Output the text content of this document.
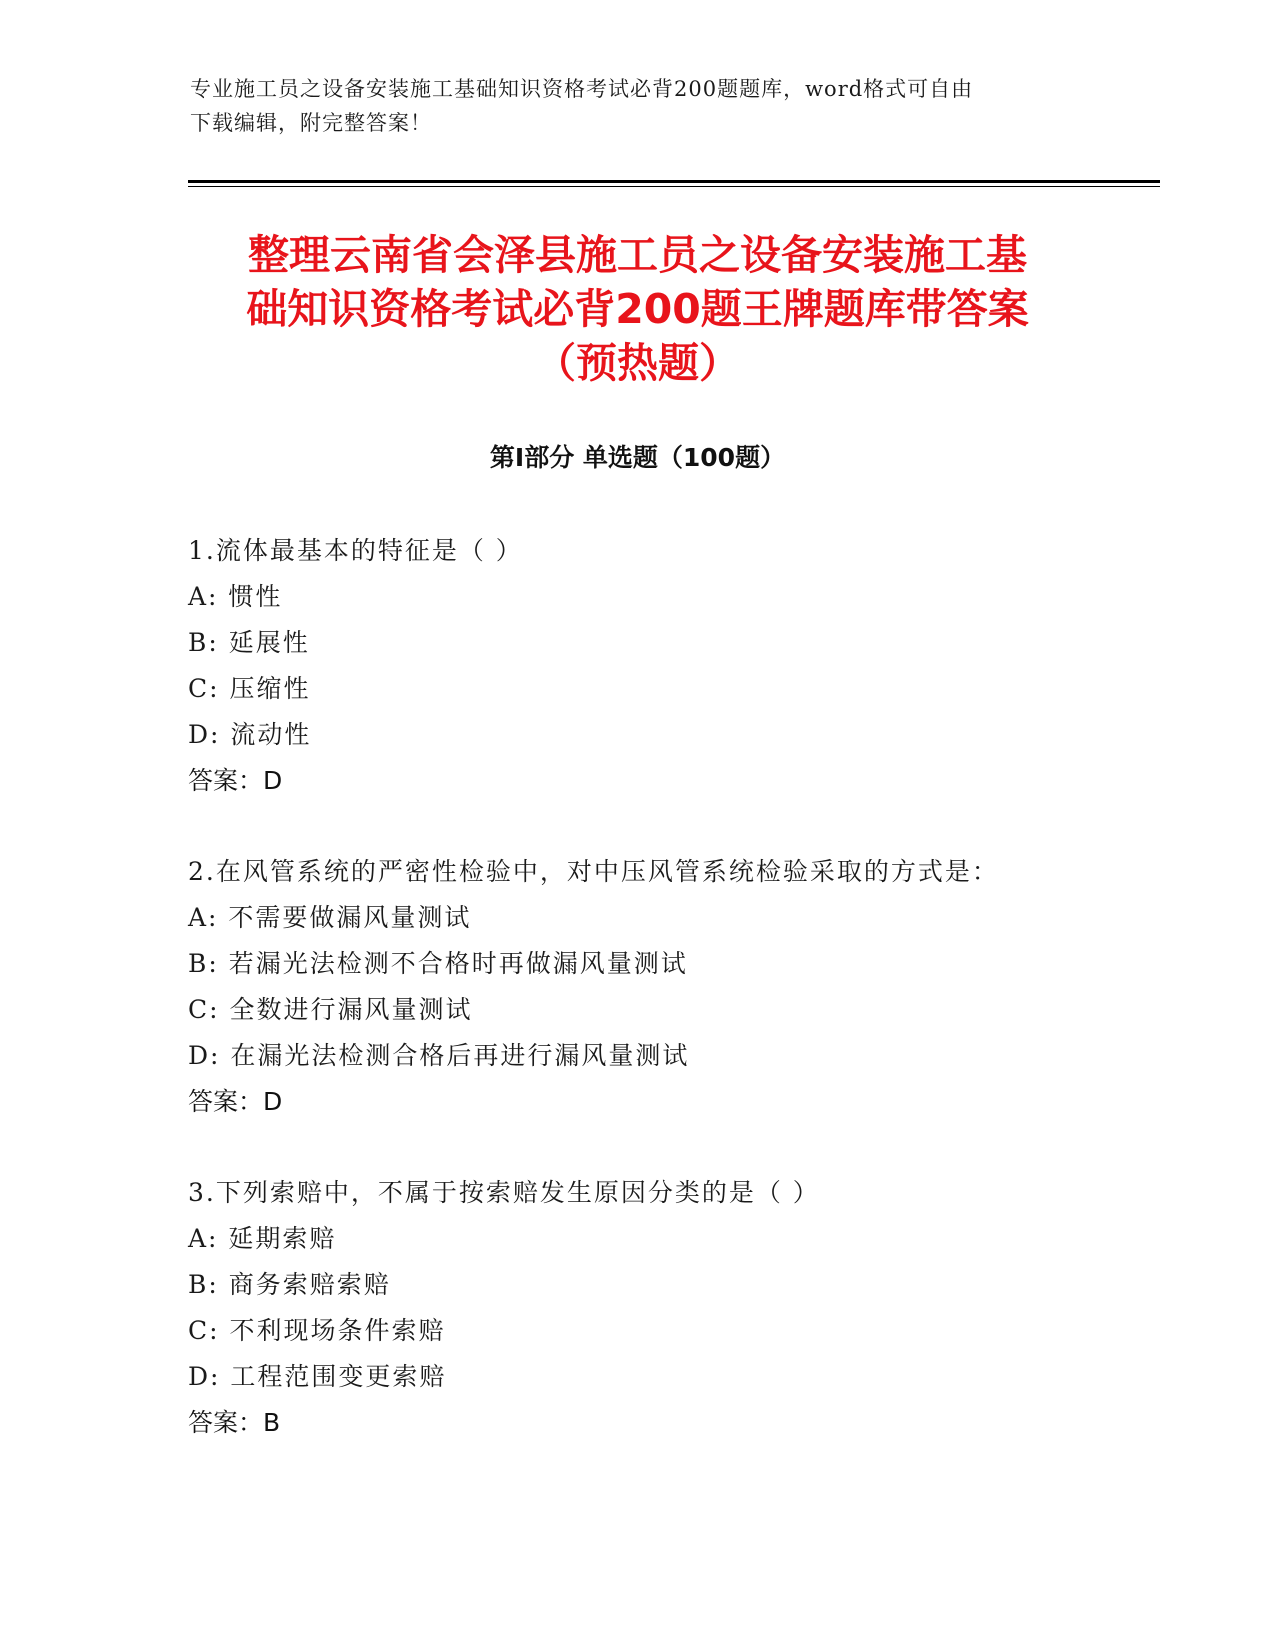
专业施工员之设备安装施工基础知识资格考试必背200题题库，word格式可自由
下载编辑，附完整答案！
整理云南省会泽县施工员之设备安装施工基
础知识资格考试必背200题王牌题库带答案
（预热题）
第Ⅰ部分 单选题（100题）
1.流体最基本的特征是（ ）
A: 惯性
B: 延展性
C: 压缩性
D: 流动性
答案：D
2.在风管系统的严密性检验中，对中压风管系统检验采取的方式是：
A: 不需要做漏风量测试
B: 若漏光法检测不合格时再做漏风量测试
C: 全数进行漏风量测试
D: 在漏光法检测合格后再进行漏风量测试
答案：D
3.下列索赔中，不属于按索赔发生原因分类的是（ ）
A: 延期索赔
B: 商务索赔索赔
C: 不利现场条件索赔
D: 工程范围变更索赔
答案：B
